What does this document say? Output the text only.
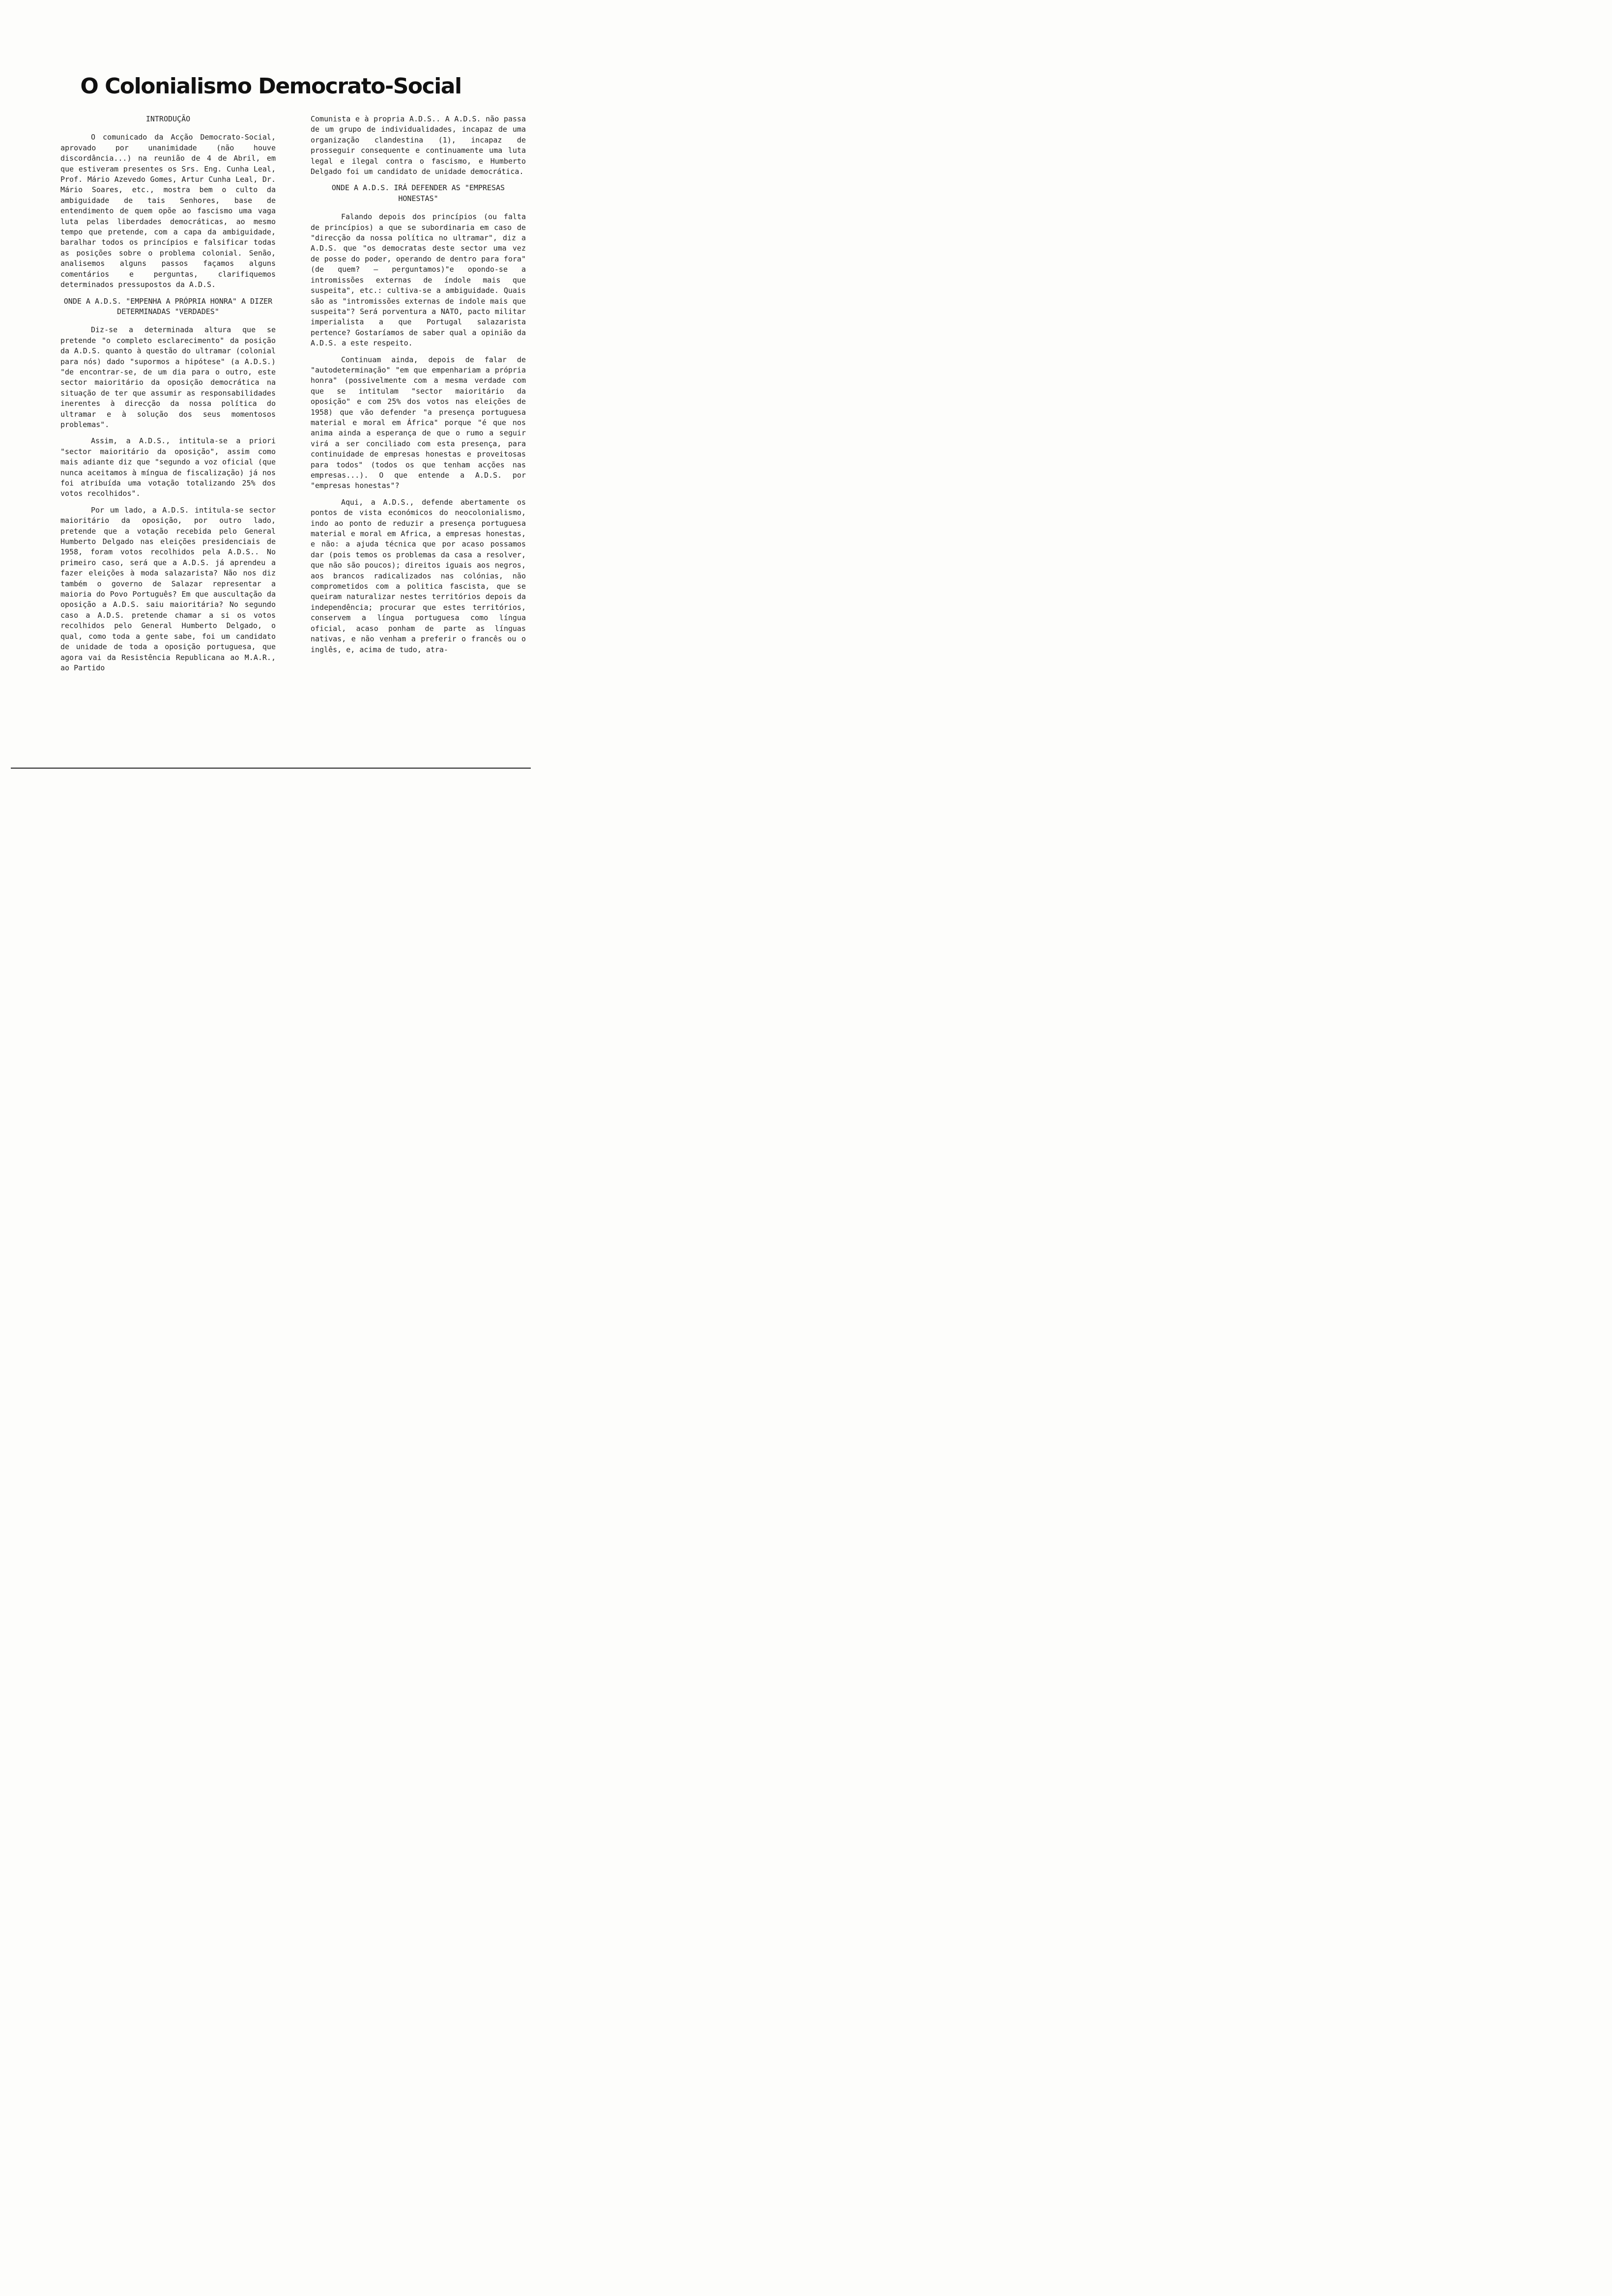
O Colonialismo Democrato-Social
INTRODUÇÃO

O comunicado da Acção Democrato-Social, aprovado por unanimidade (não houve discordância...) na reunião de 4 de Abril, em que estiveram presentes os Srs. Eng. Cunha Leal, Prof. Mário Azevedo Gomes, Artur Cunha Leal, Dr. Mário Soares, etc., mostra bem o culto da ambiguidade de tais Senhores, base de entendimento de quem opõe ao fascismo uma vaga luta pelas liberdades democráticas, ao mesmo tempo que pretende, com a capa da ambiguidade, baralhar todos os princípios e falsificar todas as posições sobre o problema colonial. Senão, analisemos alguns passos façamos alguns comentários e perguntas, clarifiquemos determinados pressupostos da A.D.S.

ONDE A A.D.S. "EMPENHA A PRÓPRIA HONRA" A DIZER DETERMINADAS "VERDADES"

Diz-se a determinada altura que se pretende "o completo esclarecimento" da posição da A.D.S. quanto à questão do ultramar (colonial para nós) dado "supormos a hipótese" (a A.D.S.) "de encontrar-se, de um dia para o outro, este sector maioritário da oposição democrática na situação de ter que assumir as responsabilidades inerentes à direcção da nossa política do ultramar e à solução dos seus momentosos problemas".

Assim, a A.D.S., intitula-se a priori "sector maioritário da oposição", assim como mais adiante diz que "segundo a voz oficial (que nunca aceitamos à míngua de fiscalização) já nos foi atribuída uma votação totalizando 25% dos votos recolhidos".

Por um lado, a A.D.S. intitula-se sector maioritário da oposição, por outro lado, pretende que a votação recebida pelo General Humberto Delgado nas eleições presidenciais de 1958, foram votos recolhidos pela A.D.S.. No primeiro caso, será que a A.D.S. já aprendeu a fazer eleições à moda salazarista? Não nos diz também o governo de Salazar representar a maioria do Povo Português? Em que auscultação da oposição a A.D.S. saiu maioritária? No segundo caso a A.D.S. pretende chamar a si os votos recolhidos pelo General Humberto Delgado, o qual, como toda a gente sabe, foi um candidato de unidade de toda a oposição portuguesa, que agora vai da Resistência Republicana ao M.A.R., ao Partido

Comunista e à propria A.D.S.. A A.D.S. não passa de um grupo de individualidades, incapaz de uma organização clandestina (1), incapaz de prosseguir consequente e continuamente uma luta legal e ilegal contra o fascismo, e Humberto Delgado foi um candidato de unidade democrática.

ONDE A A.D.S. IRÁ DEFENDER AS "EMPRESAS HONESTAS"

Falando depois dos princípios (ou falta de princípios) a que se subordinaria em caso de "direcção da nossa política no ultramar", diz a A.D.S. que "os democratas deste sector uma vez de posse do poder, operando de dentro para fora" (de quem? — perguntamos)"e opondo-se a intromissões externas de índole mais que suspeita", etc.: cultiva-se a ambiguidade. Quais são as "intromissões externas de indole mais que suspeita"? Será porventura a NATO, pacto militar imperialista a que Portugal salazarista pertence? Gostaríamos de saber qual a opinião da A.D.S. a este respeito.

Continuam ainda, depois de falar de "autodeterminação" "em que empenhariam a própria honra" (possivelmente com a mesma verdade com que se intitulam "sector maioritário da oposição" e com 25% dos votos nas eleições de 1958) que vão defender "a presença portuguesa material e moral em África" porque "é que nos anima ainda a esperança de que o rumo a seguir virá a ser conciliado com esta presença, para continuidade de empresas honestas e proveitosas para todos" (todos os que tenham acções nas empresas...). O que entende a A.D.S. por "empresas honestas"?

Aqui, a A.D.S., defende abertamente os pontos de vista económicos do neocolonialismo, indo ao ponto de reduzir a presença portuguesa material e moral em Africa, a empresas honestas, e não: a ajuda técnica que por acaso possamos dar (pois temos os problemas da casa a resolver, que não são poucos); direitos iguais aos negros, aos brancos radicalizados nas colónias, não comprometidos com a politica fascista, que se queiram naturalizar nestes territórios depois da independência; procurar que estes territórios, conservem a língua portuguesa como língua oficial, acaso ponham de parte as línguas nativas, e não venham a preferir o francês ou o inglês, e, acima de tudo, atra-
